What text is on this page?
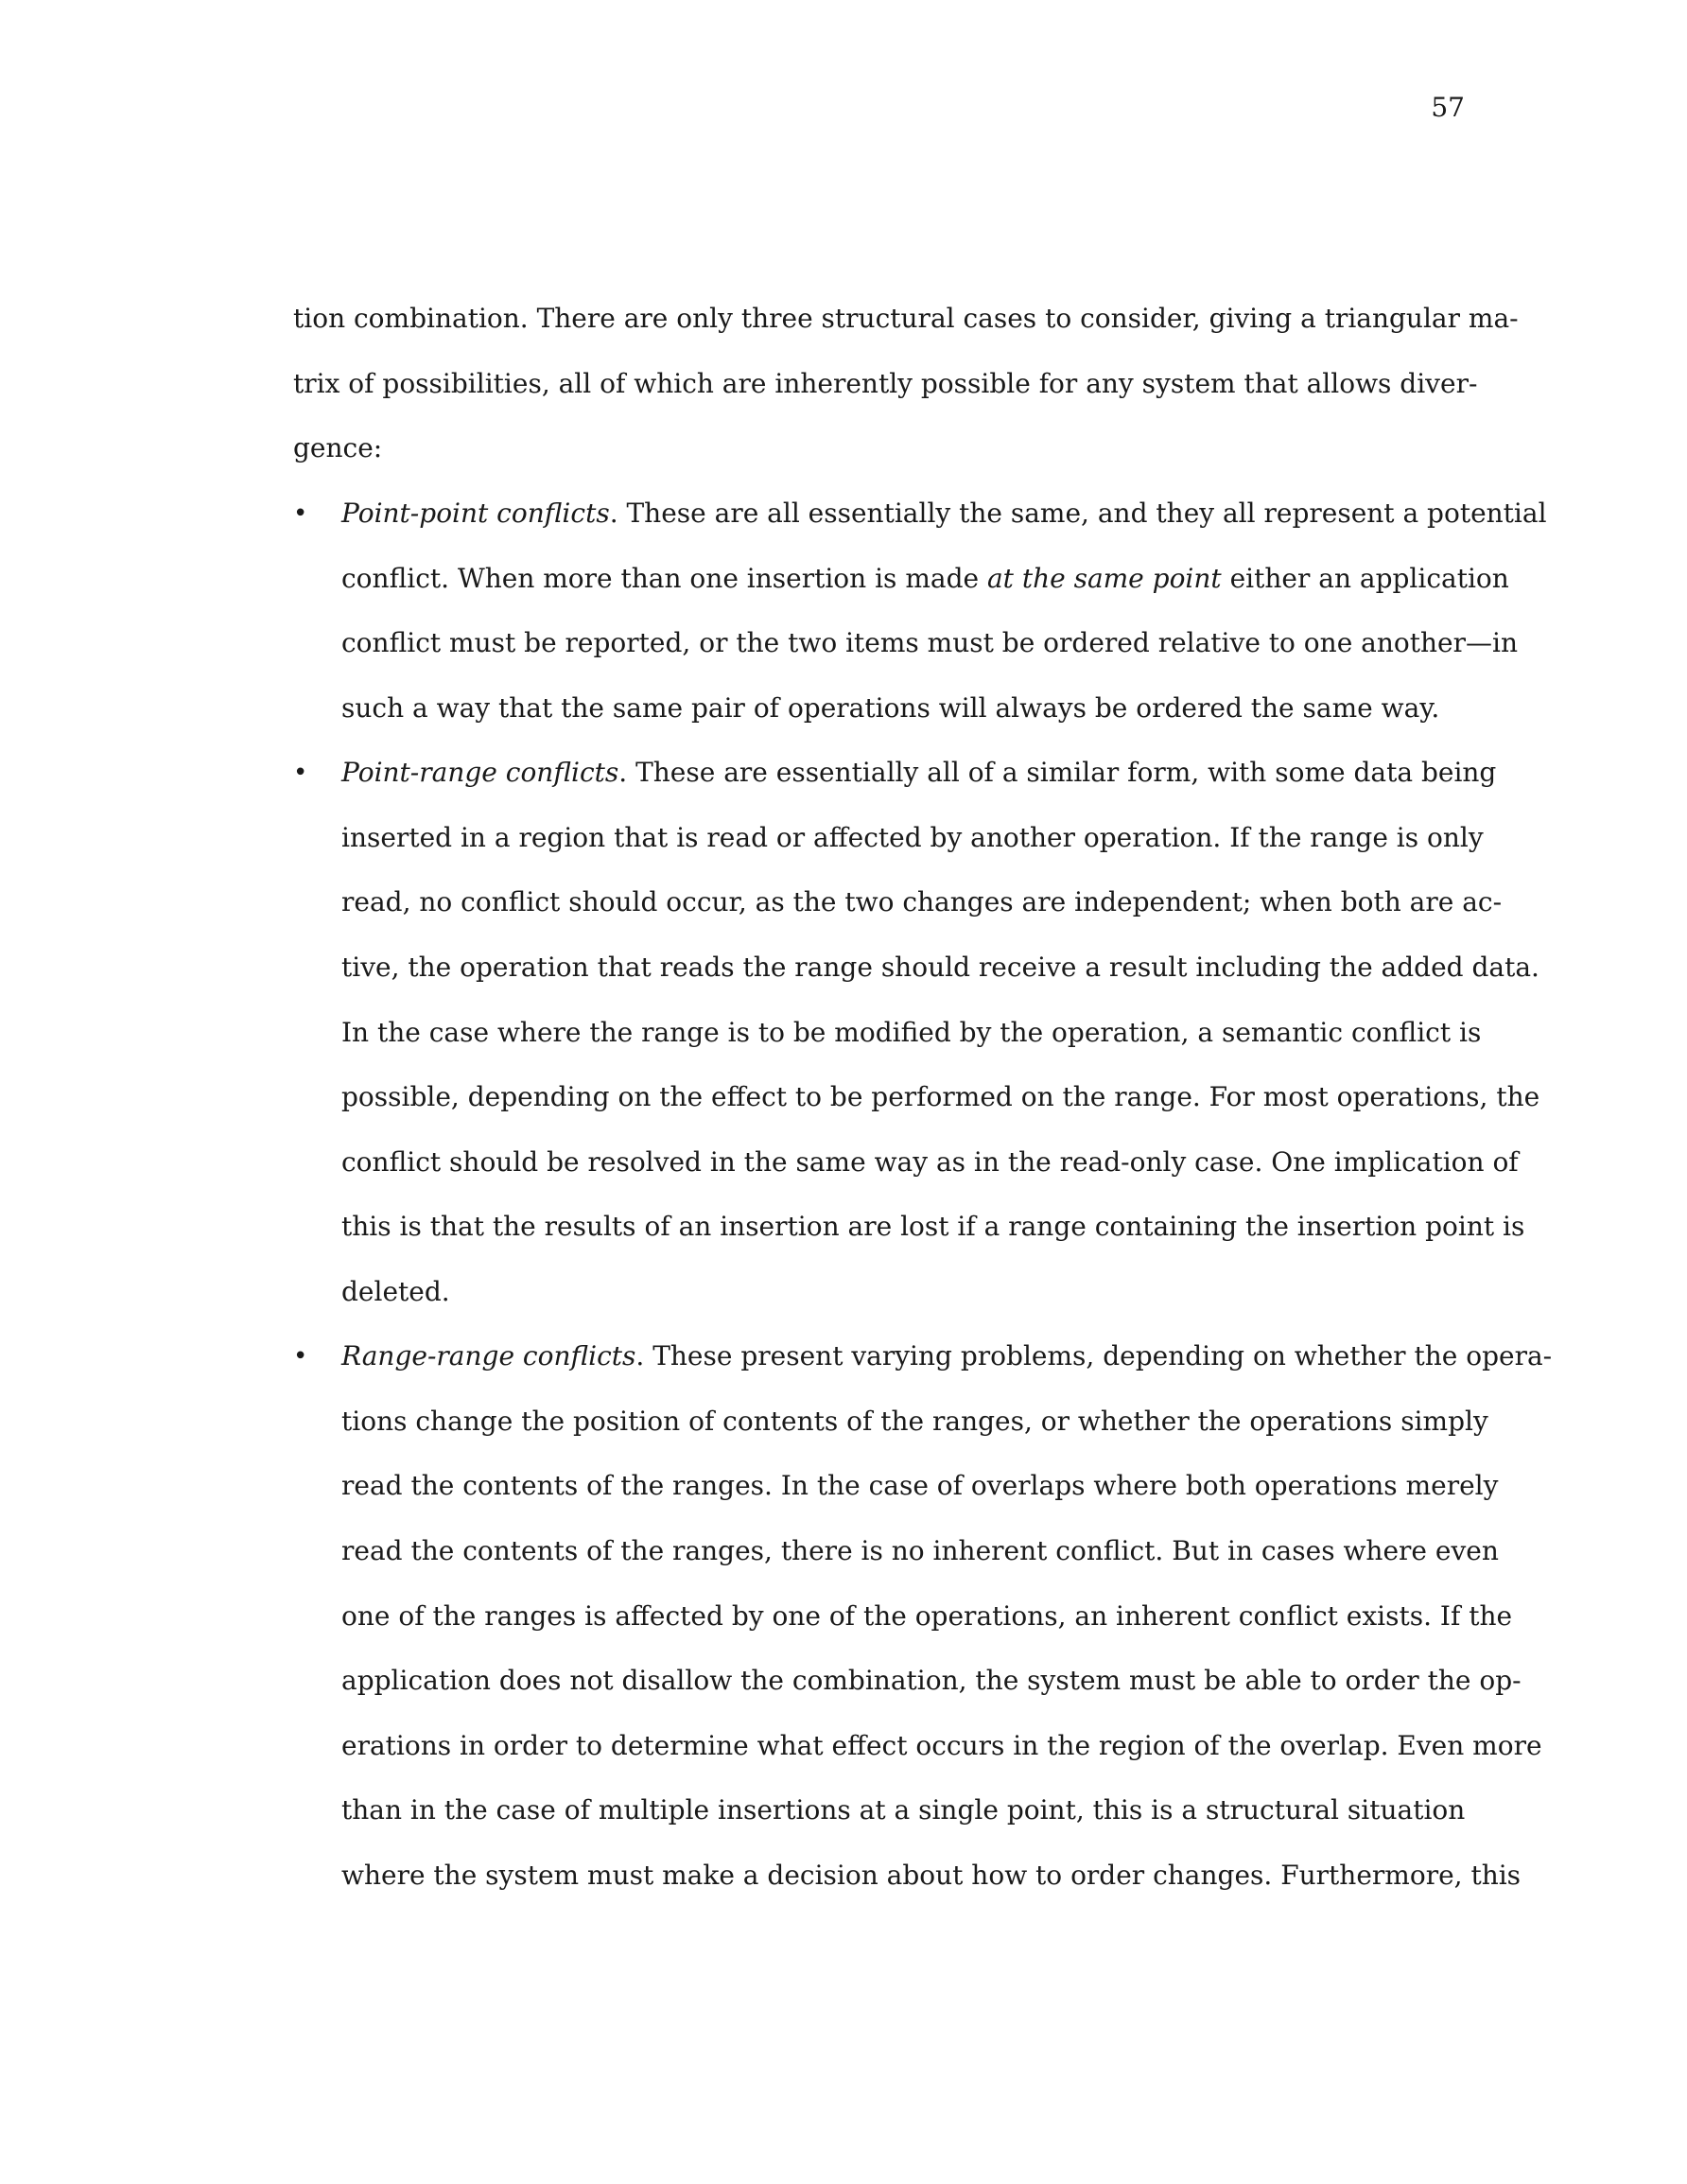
57
tion combination. There are only three structural cases to consider, giving a triangular ma-
trix of possibilities, all of which are inherently possible for any system that allows diver-
gence:
• Point-point conflicts. These are all essentially the same, and they all represent a potential
conflict. When more than one insertion is made at the same point either an application
conflict must be reported, or the two items must be ordered relative to one another—in
such a way that the same pair of operations will always be ordered the same way.
• Point-range conflicts. These are essentially all of a similar form, with some data being
inserted in a region that is read or affected by another operation. If the range is only
read, no conflict should occur, as the two changes are independent; when both are ac-
tive, the operation that reads the range should receive a result including the added data.
In the case where the range is to be modified by the operation, a semantic conflict is
possible, depending on the effect to be performed on the range. For most operations, the
conflict should be resolved in the same way as in the read-only case. One implication of
this is that the results of an insertion are lost if a range containing the insertion point is
deleted.
• Range-range conflicts. These present varying problems, depending on whether the opera-
tions change the position of contents of the ranges, or whether the operations simply
read the contents of the ranges. In the case of overlaps where both operations merely
read the contents of the ranges, there is no inherent conflict. But in cases where even
one of the ranges is affected by one of the operations, an inherent conflict exists. If the
application does not disallow the combination, the system must be able to order the op-
erations in order to determine what effect occurs in the region of the overlap. Even more
than in the case of multiple insertions at a single point, this is a structural situation
where the system must make a decision about how to order changes. Furthermore, this
